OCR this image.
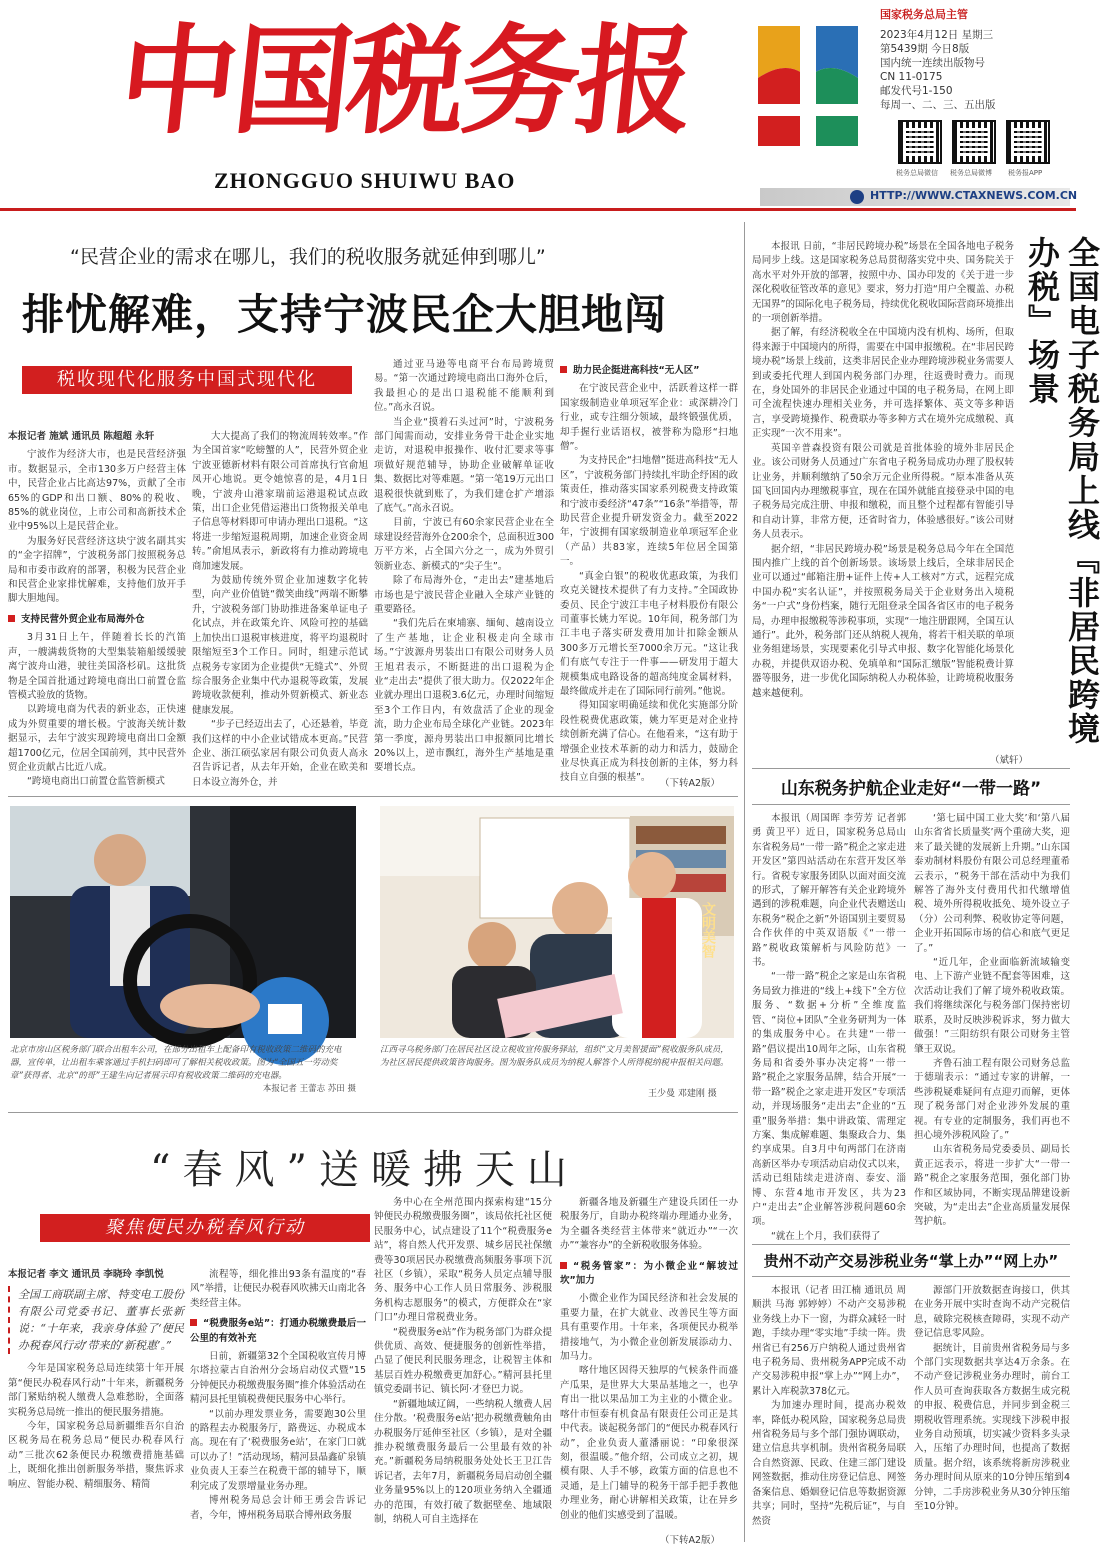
中国税务报
ZHONGGUO SHUIWU BAO
国家税务总局主管
2023年4月12日 星期三
第5439期 今日8版
国内统一连续出版物号
CN 11-0175
邮发代号1-150
每周一、二、三、五出版
税务总局微信 税务总局微博 税务报APP
HTTP://WWW.CTAXNEWS.COM.CN
“民营企业的需求在哪儿，我们的税收服务就延伸到哪儿”
排忧解难，支持宁波民企大胆地闯
税收现代化服务中国式现代化

本报记者 施斌 通讯员 陈超超 永轩

宁波作为经济大市，也是民营经济强市。数据显示，全市130多万户经营主体中，民营企业占比高达97%，贡献了全市65%的GDP和出口额、80%的税收、85%的就业岗位，上市公司和高新技术企业中95%以上是民营企业。

为服务好民营经济这块宁波名副其实的“金字招牌”，宁波税务部门按照税务总局和市委市政府的部署，积极为民营企业和民营企业家排忧解难，支持他们放开手脚大胆地闯。

支持民营外贸企业布局海外仓

3月31日上午，伴随着长长的汽笛声，一艘满载货物的大型集装箱船缓缓驶离宁波舟山港，驶往美国洛杉矶。这批货物是全国首批通过跨境电商出口前置仓监管模式验放的货物。

以跨境电商为代表的新业态，正快速成为外贸重要的增长极。宁波海关统计数据显示，去年宁波实现跨境电商出口金额超1700亿元，位居全国前列，其中民营外贸企业贡献占比近八成。

“跨境电商出口前置仓监管新模式

大大提高了我们的物流周转效率。”作为全国首家“吃螃蟹的人”，民营外贸企业宁波亚德新材料有限公司首席执行官俞旭凤开心地说。更令她惊喜的是，4月1日晚，宁波舟山港家瑞前运港退税试点政策，出口企业凭借运港出口货物报关单电子信息等材料即可申请办理出口退税。“这将进一步缩短退税周期，加速企业资金周转。”俞旭凤表示，新政将有力推动跨境电商加速发展。

为鼓励传统外贸企业加速数字化转型，向产业价值链“微笑曲线”两端不断攀升，宁波税务部门协助推进备案单证电子化试点，并在政策允许、风险可控的基础上加快出口退税审核进度，将平均退税时限缩短至3个工作日。同时，组建示范试点税务专家团为企业提供“无缝式”、外贸综合服务企业集中代办退税等政策，发展跨境收款便利，推动外贸新模式、新业态健康发展。

“步子已经迈出去了，心还悬着，毕竟我们这样的中小企业试错成本更高。”民营企业、浙江硕弘家居有限公司负责人高永召告诉记者，从去年开始，企业在欧美和日本设立海外仓，并

通过亚马逊等电商平台布局跨境贸易。“第一次通过跨境电商出口海外仓后，我最担心的是出口退税能不能顺利到位。”高永召说。

当企业“摸着石头过河”时，宁波税务部门闻需而动，安排业务骨干赴企业实地走访，对退税申报操作、收付汇要求等事项做好规范辅导，协助企业破解单证收集、数据比对等难题。“第一笔19万元出口退税很快就到账了，为我们建仓扩产增添了底气。”高永召说。

目前，宁波已有60余家民营企业在全球建设经营海外仓200余个，总面积近300万平方米，占全国六分之一，成为外贸引领新业态、新模式的“尖子生”。

除了布局海外仓，“走出去”建基地后市场也是宁波民营企业融入全球产业链的重要路径。

“我们先后在柬埔寨、缅甸、越南设立了生产基地，让企业积极走向全球市场。”宁波源舟男装出口有限公司财务人员王旭君表示，不断挺进的出口退税为企业“走出去”提供了很大助力。仅2022年企业就办理出口退税3.6亿元，办理时间缩短至3个工作日内，有效盘活了企业的现金流，助力企业布局全球化产业链。2023年第一季度，源舟男装出口申报额同比增长20%以上，逆市飘红，海外生产基地是重要增长点。

助力民企挺进高科技“无人区”

在宁波民营企业中，活跃着这样一群国家级制造业单项冠军企业：或深耕冷门行业，或专注细分领域，最终锻强优质，却手握行业话语权，被誉称为隐形“扫地僧”。

为支持民企“扫地僧”挺进高科技“无人区”，宁波税务部门持续扎牢助企纾困的政策责任，推动落实国家系列税费支持政策和宁波市委经济“47条”“16条”举措等，帮助民营企业提升研发资金力。截至2022年，宁波拥有国家级制造业单项冠军企业（产品）共83家，连续5年位居全国第一。

“真金白银”的税收优惠政策，为我们攻克关键技术提供了有力支持。”全国政协委员、民企宁波江丰电子材料股份有限公司董事长姚力军说。10年间，税务部门为江丰电子落实研发费用加计扣除金额从300多万元增长至7000余万元。“这让我们有底气专注于一件事——研发用于超大规模集成电路设备的超高纯度金属材料，最终做成并走在了国际同行前列。”他说。

得知国家明确延续和优化实施部分阶段性税费优惠政策，姚力军更是对企业持续创新充满了信心。在他看来，“这有助于增强企业技术革新的动力和活力，鼓励企业尽快真正成为科技创新的主体，努力科技自立自强的根基”。

（下转A2版）
北京市房山区税务部门联合出租车公司，在部分出租车上配备印有税收政策二维码的充电器，宣传单，让出租车乘客通过手机扫码即可了解相关税收政策。图为“全国五一劳动奖章”获得者、北京“的哥”王建生向记者展示印有税收政策二维码的充电器。
本报记者 王蕾志 苏田 摄
文明美智
江西寻乌税务部门在居民社区设立税收宣传服务驿站，组织“文月美智援面”税收服务队成员，为社区居民提供政策咨询服务。图为服务队成员为纳税人解答个人所得税纳税申报相关问题。
王少曼 邓建刚 摄
“春风”送暖拂天山
聚焦便民办税春风行动

本报记者 李文 通讯员 李晓玲 李凯悦

全国工商联副主席、特变电工股份有限公司党委书记、董事长张新说：“十年来，我亲身体验了‘便民办税春风行动’带来的‘新税惠’。”

今年是国家税务总局连续第十年开展第“便民办税春风行动”十年来，新疆税务部门紧贴纳税人缴费人急难愁盼，全面落实税务总局统一推出的便民服务措施。

今年，国家税务总局新疆维吾尔自治区税务局在税务总局“便民办税春风行动”三批次62条便民办税缴费措施基础上，既细化推出创新服务举措，聚焦诉求响应、智能办税、精细服务、精简

流程等，细化推出93条有温度的“春风”举措，让便民办税春风吹拂天山南北各类经营主体。

“税费服务e站”：打通办税缴费最后一公里的有效补充

日前，新疆第32个全国税收宣传月博尔塔拉蒙古自治州分会场启动仪式暨“15分钟便民办税缴费服务圈”推介体验活动在精河县托里镇税费便民服务中心举行。

“以前办理发票业务，需要跑30公里的路程去办税服务厅，路费远、办税成本高。现在有了‘税费服务e站’，在家门口就可以办了！”活动现场，精河县晶鑫矿泉镇业负责人王泰兰在税费干部的辅导下，顺利完成了发票增量业务办理。

博州税务局总会计师王勇会告诉记者，今年，博州税务局联合博州政务服

务中心在全州范围内探索构建“15分钟便民办税缴费服务圈”，该局依托社区便民服务中心，试点建设了11个“税费服务e站”，将自然人代开发票、城乡居民社保缴费等30项居民办税缴费高频服务事项下沉社区（乡镇），采取“税务人员定点辅导服务、服务中心工作人员日常服务、涉税服务机构志愿服务”的模式，方便群众在“家门口”办理日常税费业务。

“税费服务e站”作为税务部门为群众提供优质、高效、便捷服务的创新性举措，凸显了便民利民服务理念，让税智主体和基层百姓办税缴费更加舒心。”精河县托里镇党委副书记、镇长阿·才登巴力说。

“新疆地域辽阔，一些纳税人缴费人居住分散。‘税费服务e站’把办税缴费触角由办税服务厅延伸至社区（乡镇），是对全疆推办税缴费服务最后一公里最有效的补充。”新疆税务局纳税服务处处长王卫江告诉记者，去年7月，新疆税务局启动创全疆业务量95%以上的120项业务纳入全疆通办的范围，有效打破了数据壁垒、地域限制，纳税人可自主选择在

新疆各地及新疆生产建设兵团任一办税服务厅，自助办税终端办理通办业务，为全疆各类经营主体带来“就近办”“一次办”“兼容办”的全新税收服务体验。

“税务管家”：为小微企业“解坡过坎”加力

小微企业作为国民经济和社会发展的重要力量，在扩大就业、改善民生等方面具有重要作用。十年来，各项便民办税举措接地气，为小微企业创新发展添动力、加马力。

喀什地区因得天独厚的气候条件而盛产瓜果，是世界大大果品基地之一，也孕育出一批以果品加工为主业的小微企业。喀什市恒泰有机食品有限责任公司正是其中代表。谈起税务部门的“便民办税春风行动”，企业负责人董潘丽说：“印象很深刻，很温暖。”他介绍，公司成立之初，规模有限、人手不够，政策方面的信息也不灵通，是上门辅导的税务干部手把手教他办理业务，耐心讲解相关政策，让在异乡创业的他们实感受到了温暖。

（下转A2版）

本报讯 日前，“非居民跨境办税”场景在全国各地电子税务局同步上线。这是国家税务总局贯彻落实党中央、国务院关于高水平对外开放的部署，按照中办、国办印发的《关于进一步深化税收征管改革的意见》要求，努力打造“用户全覆盖、办税无国界”的国际化电子税务局，持续优化税收国际营商环境推出的一项创新举措。

据了解，有经济税收全在中国境内没有机构、场所，但取得来源于中国境内的所得，需要在中国申报缴税。在“非居民跨境办税”场景上线前，这类非居民企业办理跨境涉税业务需要人到或委托代理人到国内税务部门办理，往返费时费力。而现在，身处国外的非居民企业通过中国的电子税务局，在网上即可全流程快速办理相关业务，并可选择繁体、英文等多种语言，享受跨境操作、税费联办等多种方式在境外完成缴税、真正实现“一次不用来”。

英国辛普森投资有限公司就是首批体验的境外非居民企业。该公司财务人员通过广东省电子税务局成功办理了股权转让业务，并顺利缴纳了50余万元企业所得税。“原本准备从英国飞回国内办理缴税事宜，现在在国外就能直接登录中国的电子税务局完成注册、申报和缴税，而且整个过程都有智能引导和自动计算，非常方便，还省时省力，体验感很好。”该公司财务人员表示。

据介绍，“非居民跨境办税”场景是税务总局今年在全国范围内推广上线的首个创新场景。该场景上线后，全球非居民企业可以通过“邮箱注册+证件上传+人工核对”方式，远程完成中国办税“实名认证”，并按照税务局关于企业财务出入境税务“一户式”身份档案，随行无阻登录全国各省区市的电子税务局，办理申报缴税等涉税事项，实现“一地注册跟网，全国互认通行”。此外，税务部门还从纳税人视角，将若干相关联的单项业务组建场景，实现要素化引导式申报、数字化智能化场景化办税，并提供双语办税、免填单和“国际汇缴版”智能税费计算器等服务，进一步优化国际纳税人办税体验，让跨境税收服务越来越便利。

（斌轩）
全国电子税务局上线『非居民跨境办税』场景
山东税务护航企业走好“一带一路”

本报讯（周国晖 李劳芳 记者郭勇 黄卫平）近日，国家税务总局山东省税务局“一带一路”税企之家走进开发区”第四站活动在东营开发区举行。省税专家服务团队以面对面交流的形式，了解开解答有关企业跨境外遇到的涉税难题，向企业代表赠送山东税务“税企之新”外语国别主要贸易合作伙伴的中英双语版《“一带一路”税收政策解析与风险防范》一书。

“一带一路”税企之家是山东省税务局致力推进的“线上+线下”全方位服务、“数据+分析”全维度监管、“岗位+团队”全业务研判为一体的集成服务中心。在共建“一带一路”倡议提出10周年之际，山东省税务局和省委外事办决定将“一带一路”税企之家服务品牌，结合开展“一带一路”税企之家走进开发区”专项活动，并现场服务“走出去”企业的“五重”服务举措：集中讲政策、需理定方案、集成解难题、集聚政合力、集约享成果。自3月中旬两部门在济南高新区举办专项活动启动仪式以来，活动已组陆续走进济南、泰安、淄博、东营4地市开发区，共为23户“走出去”企业解答涉税问题60余项。

“就在上个月，我们获得了

‘第七届中国工业大奖’和‘第八届山东省省长质量奖’两个重磅大奖，迎来了最关键的发展新上升期。”山东国泰劝制材料股份有限公司总经理董希云表示，“税务干部在活动中为我们解答了海外支付费用代扣代缴增值税、境外所得税收抵免、境外设立子（分）公司利弊、税收协定等问题，企业开拓国际市场的信心和底气更足了。”

“近几年，企业面临新流域输变电、上下游产业链不配套等困难，这次活动让我们了解了境外税收政策。我们将继续深化与税务部门保持密切联系，及时反映涉税诉求，努力做大做强！”三阳纺织有限公司财务主管肇王双说。

齐鲁石油工程有限公司财务总监于德瑞表示：“通过专家的讲解，一些涉税疑难疑问有点迎刃而解，更体现了税务部门对企业涉外发展的重视。有专业的定制服务，我们再也不担心境外涉税风险了。”

山东省税务局党委委员、副局长黄正远表示，将进一步扩大“一带一路”税企之家服务范围，强化部门协作和区域协同，不断实现品牌建设新突破，为“走出去”企业高质量发展保驾护航。

贵州不动产交易涉税业务“掌上办”“网上办”

本报讯（记者 田江楠 通讯员 周顺洪 马海 郭婷婷）不动产交易涉税业务线上办下一窗，为群众减轻一时跑，手续办理“零实地”手续一阵。贵州省已有256万户纳税人通过贵州省电子税务局、贵州税务APP完成不动产交易涉税申报“掌上办”“网上办”，累计入库税款378亿元。

为加速办理时间，提高办税效率，降低办税风险，国家税务总局贵州省税务局与多个部门强协调联动，建立信息共享机制。贵州省税务局联合自然资源、民政、住建三部门建设网签数据，推动住房登记信息、网签备案信息、婚姻登记信息等数据资源共享；同时，坚持“先税后证”，与自然资

源部门开放数据查询接口，供其在业务开展中实时查询不动产完税信息，破除完税核查障碍，实现不动产登记信息零风险。

据统计，目前贵州省税务局与多个部门实现数据共享达4万余条。在不动产登记涉税业务办理时，前台工作人员可查询获取各方数据生成完税的申报、税费信息，并同步到金税三期税收管理系统。实现线下涉税申报业务自动预填，切实减少资料多头录入，压缩了办理时间，也提高了数据质量。据介绍，该系统将新房涉税业务办理时间从原来的10分钟压缩到4分钟，二手房涉税业务从30分钟压缩至10分钟。
